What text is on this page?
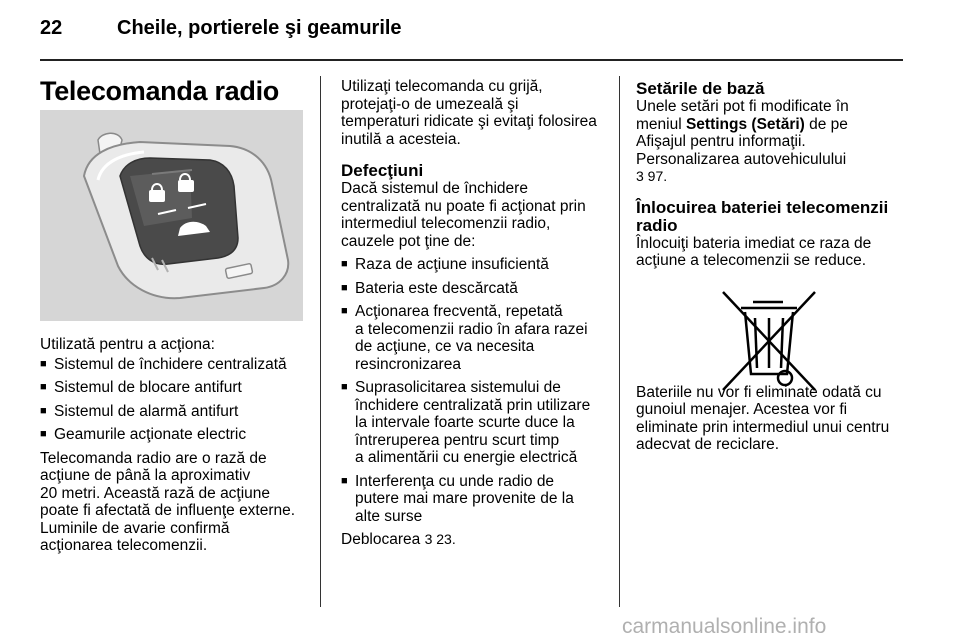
22	Cheile, portierele şi geamurile
Telecomanda radio

Utilizată pentru a acţiona:

■ Sistemul de închidere centralizată
■ Sistemul de blocare antifurt
■ Sistemul de alarmă antifurt
■ Geamurile acţionate electric

Telecomanda radio are o rază de
acţiune de până la aproximativ
20 metri. Această rază de acţiune
poate fi afectată de influenţe externe.
Luminile de avarie confirmă
acţionarea telecomenzii.

Utilizaţi telecomanda cu grijă,
protejaţi-o de umezeală şi
temperaturi ridicate şi evitaţi folosirea
inutilă a acesteia.

Defecţiuni

Dacă sistemul de închidere
centralizată nu poate fi acţionat prin
intermediul telecomenzii radio,
cauzele pot ţine de:

■ Raza de acţiune insuficientă
■ Bateria este descărcată
■ Acţionarea frecventă, repetată
a telecomenzii radio în afara razei
de acţiune, ce va necesita
resincronizarea
■ Suprasolicitarea sistemului de
închidere centralizată prin utilizare
la intervale foarte scurte duce la
întreruperea pentru scurt timp
a alimentării cu energie electrică
■ Interferenţa cu unde radio de
putere mai mare provenite de la
alte surse

Deblocarea 3 23.

Setările de bază

Unele setări pot fi modificate în
meniul Settings (Setări) de pe
Afişajul pentru informaţii.
Personalizarea autovehiculului
3 97.

Înlocuirea bateriei telecomenzii
radio

Înlocuiţi bateria imediat ce raza de
acţiune a telecomenzii se reduce.

Bateriile nu vor fi eliminate odată cu
gunoiul menajer. Acestea vor fi
eliminate prin intermediul unui centru
adecvat de reciclare.

carmanualsonline.info
